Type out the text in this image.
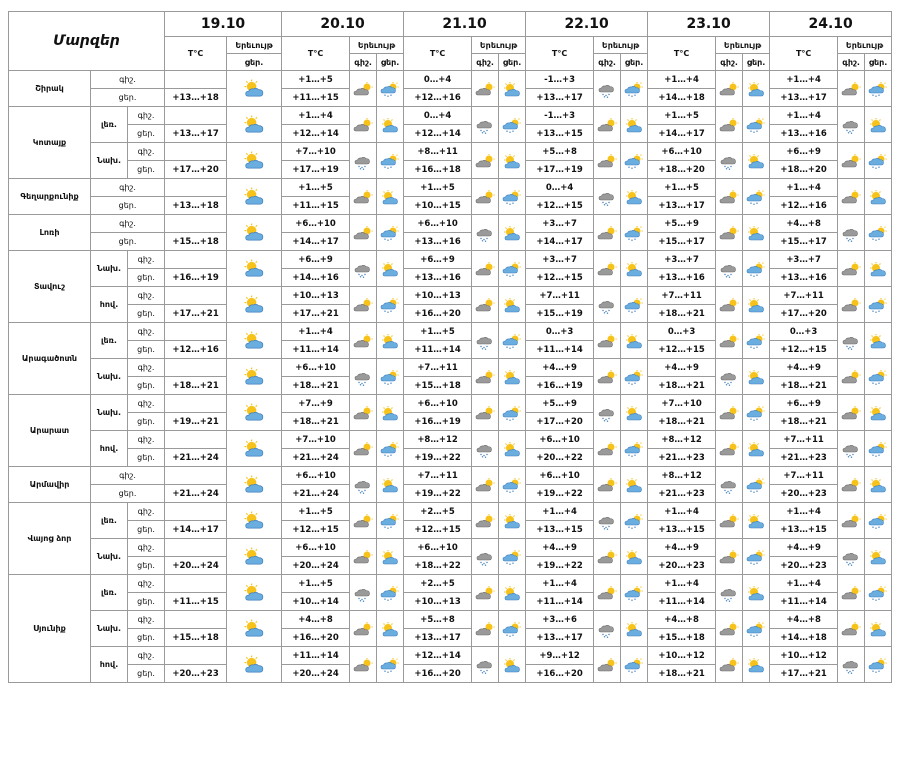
Մարզեր			19.10		20.10			21.10			22.10			23.10			24.10		
			T°C	Երեւույթ	T°C	Երեւույթ		T°C	Երեւույթ		T°C	Երեւույթ		T°C	Երեւույթ		T°C	Երեւույթ	
				ցեր.		գիշ.	ցեր.		գիշ.	ցեր.		գիշ.	ցեր.		գիշ.	ցեր.		գիշ.	ցեր.
Շիրակ	գիշ.				+1…+5			0…+4			-1…+3			+1…+4			+1…+4	

	ցեր.		+13…+18		+11…+15			+12…+16			+13…+17			+14…+18			+13…+17		
Կոտայք	լեռ.	գիշ.			+1…+4			0…+4			-1…+3			+1…+5			+1…+4	

		ցեր.	+13…+17		+12…+14			+12…+14			+13…+15			+14…+17			+13…+16		
	Նախ.	գիշ.			+7…+10			+8…+11			+5…+8			+6…+10			+6…+9	

		ցեր.	+17…+20		+17…+19			+16…+18			+17…+19			+18…+20			+18…+20		
Գեղարքունիք	գիշ.				+1…+5			+1…+5			0…+4			+1…+5			+1…+4	

	ցեր.		+13…+18		+11…+15			+10…+15			+12…+15			+13…+17			+12…+16		
Լոռի	գիշ.				+6…+10			+6…+10			+3…+7			+5…+9			+4…+8	

	ցեր.		+15…+18		+14…+17			+13…+16			+14…+17			+15…+17			+15…+17		
Տավուշ	Նախ.	գիշ.			+6…+9			+6…+9			+3…+7			+3…+7			+3…+7	

		ցեր.	+16…+19		+14…+16			+13…+16			+12…+15			+13…+16			+13…+16		
	հով.	գիշ.			+10…+13			+10…+13			+7…+11			+7…+11			+7…+11	

		ցեր.	+17…+21		+17…+21			+16…+20			+15…+19			+18…+21			+17…+20		
Արագածոտն	լեռ.	գիշ.			+1…+4			+1…+5			0…+3			0…+3			0…+3	

		ցեր.	+12…+16		+11…+14			+11…+14			+11…+14			+12…+15			+12…+15		
	Նախ.	գիշ.			+6…+10			+7…+11			+4…+9			+4…+9			+4…+9	

		ցեր.	+18…+21		+18…+21			+15…+18			+16…+19			+18…+21			+18…+21		
Արարատ	Նախ.	գիշ.			+7…+9			+6…+10			+5…+9			+7…+10			+6…+9	

		ցեր.	+19…+21		+18…+21			+16…+19			+17…+20			+18…+21			+18…+21		
	հով.	գիշ.			+7…+10			+8…+12			+6…+10			+8…+12			+7…+11	

		ցեր.	+21…+24		+21…+24			+19…+22			+20…+22			+21…+23			+21…+23		
Արմավիր	գիշ.				+6…+10			+7…+11			+6…+10			+8…+12			+7…+11	

	ցեր.		+21…+24		+21…+24			+19…+22			+19…+22			+21…+23			+20…+23		
Վայոց ձոր	լեռ.	գիշ.			+1…+5			+2…+5			+1…+4			+1…+4			+1…+4	

		ցեր.	+14…+17		+12…+15			+12…+15			+13…+15			+13…+15			+13…+15		
	Նախ.	գիշ.			+6…+10			+6…+10			+4…+9			+4…+9			+4…+9	

		ցեր.	+20…+24		+20…+24			+18…+22			+19…+22			+20…+23			+20…+23		
Սյունիք	լեռ.	գիշ.			+1…+5			+2…+5			+1…+4			+1…+4			+1…+4	

		ցեր.	+11…+15		+10…+14			+10…+13			+11…+14			+11…+14			+11…+14		
	Նախ.	գիշ.			+4…+8			+5…+8			+3…+6			+4…+8			+4…+8	

		ցեր.	+15…+18		+16…+20			+13…+17			+13…+17			+15…+18			+14…+18		
	հով.	գիշ.			+11…+14			+12…+14			+9…+12			+10…+12			+10…+12	

		ցեր.	+20…+23		+20…+24			+16…+20			+16…+20			+18…+21			+17…+21		
